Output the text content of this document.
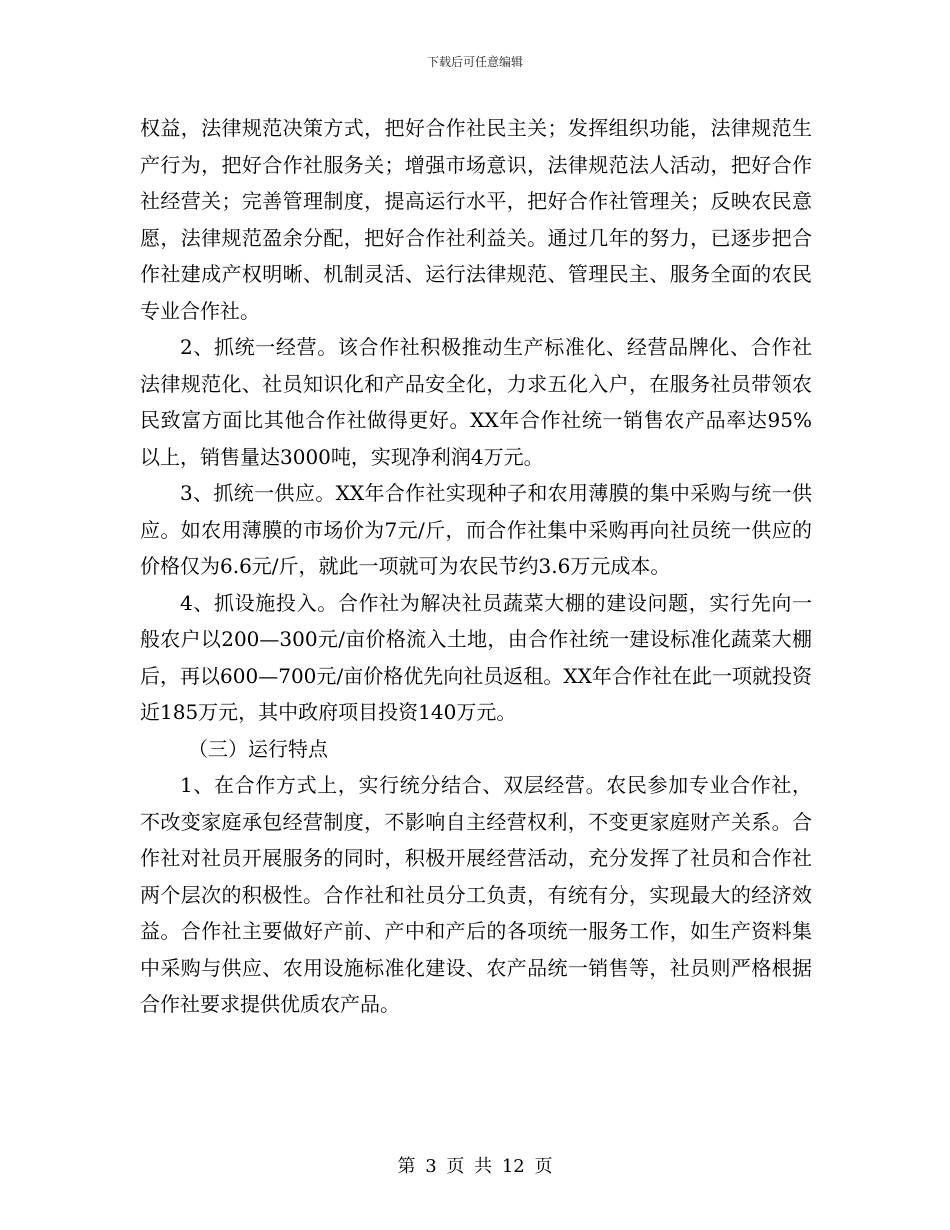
下载后可任意编辑

权益，法律规范决策方式，把好合作社民主关；发挥组织功能，法律规范生产行为，把好合作社服务关；增强市场意识，法律规范法人活动，把好合作社经营关；完善管理制度，提高运行水平，把好合作社管理关；反映农民意愿，法律规范盈余分配，把好合作社利益关。通过几年的努力，已逐步把合作社建成产权明晰、机制灵活、运行法律规范、管理民主、服务全面的农民专业合作社。

2、抓统一经营。该合作社积极推动生产标准化、经营品牌化、合作社法律规范化、社员知识化和产品安全化，力求五化入户，在服务社员带领农民致富方面比其他合作社做得更好。XX年合作社统一销售农产品率达95%以上，销售量达3000吨，实现净利润4万元。

3、抓统一供应。XX年合作社实现种子和农用薄膜的集中采购与统一供应。如农用薄膜的市场价为7元/斤，而合作社集中采购再向社员统一供应的价格仅为6.6元/斤，就此一项就可为农民节约3.6万元成本。

4、抓设施投入。合作社为解决社员蔬菜大棚的建设问题，实行先向一般农户以200—300元/亩价格流入土地，由合作社统一建设标准化蔬菜大棚后，再以600—700元/亩价格优先向社员返租。XX年合作社在此一项就投资近185万元，其中政府项目投资140万元。

（三）运行特点

1、在合作方式上，实行统分结合、双层经营。农民参加专业合作社，不改变家庭承包经营制度，不影响自主经营权利，不变更家庭财产关系。合作社对社员开展服务的同时，积极开展经营活动，充分发挥了社员和合作社两个层次的积极性。合作社和社员分工负责，有统有分，实现最大的经济效益。合作社主要做好产前、产中和产后的各项统一服务工作，如生产资料集中采购与供应、农用设施标准化建设、农产品统一销售等，社员则严格根据合作社要求提供优质农产品。

第 3 页 共 12 页
